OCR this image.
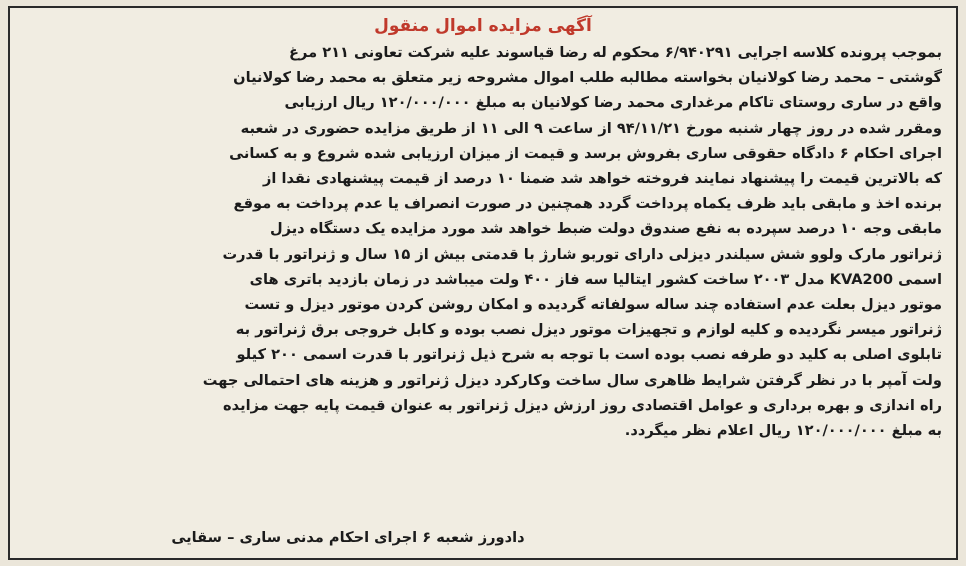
آگهی مزایده اموال منقول
بموجب پرونده کلاسه اجرایی ۶/۹۴۰۲۹۱ محکوم له رضا قیاسوند علیه شرکت تعاونی ۲۱۱ مرغ
گوشتی – محمد رضا کولانیان بخواسته مطالبه طلب اموال مشروحه زیر متعلق به محمد رضا کولانیان
واقع در ساری روستای تاکام مرغداری محمد رضا کولانیان به مبلغ ۱۲۰/۰۰۰/۰۰۰ ریال ارزیابی
ومقرر شده در روز چهار شنبه مورخ ۹۴/۱۱/۲۱ از ساعت ۹ الی ۱۱ از طریق مزایده حضوری در شعبه
اجرای احکام ۶ دادگاه حقوقی ساری بفروش برسد و قیمت از میزان ارزیابی شده شروع و به کسانی
که بالاترین قیمت را پیشنهاد نمایند فروخته خواهد شد ضمنا ۱۰ درصد از قیمت پیشنهادی نقدا از
برنده اخذ و مابقی باید ظرف یکماه پرداخت گردد همچنین در صورت انصراف یا عدم پرداخت به موقع
مابقی وجه ۱۰ درصد سپرده به نفع صندوق دولت ضبط خواهد شد مورد مزایده یک دستگاه دیزل
ژنراتور مارک ولوو شش سیلندر دیزلی دارای توربو شارژ با قدمتی بیش از ۱۵ سال و ژنراتور با قدرت
اسمی KVA200 مدل ۲۰۰۳ ساخت کشور ایتالیا سه فاز ۴۰۰ ولت میباشد در زمان بازدید باتری های
موتور دیزل بعلت عدم استفاده چند ساله سولفاته گردیده و امکان روشن کردن موتور دیزل و تست
ژنراتور میسر نگردیده و کلیه لوازم و تجهیزات موتور دیزل نصب بوده و کابل خروجی برق ژنراتور به
تابلوی اصلی به کلید دو طرفه نصب بوده است با توجه به شرح ذیل ژنراتور با قدرت اسمی ۲۰۰ کیلو
ولت آمپر با در نظر گرفتن شرایط ظاهری سال ساخت وکارکرد دیزل ژنراتور و هزینه های احتمالی جهت
راه اندازی و بهره برداری و عوامل اقتصادی روز ارزش دیزل ژنراتور به عنوان قیمت پایه جهت مزایده
به مبلغ ۱۲۰/۰۰۰/۰۰۰ ریال اعلام نظر میگردد.
دادورز شعبه ۶ اجرای احکام مدنی ساری – سقایی
